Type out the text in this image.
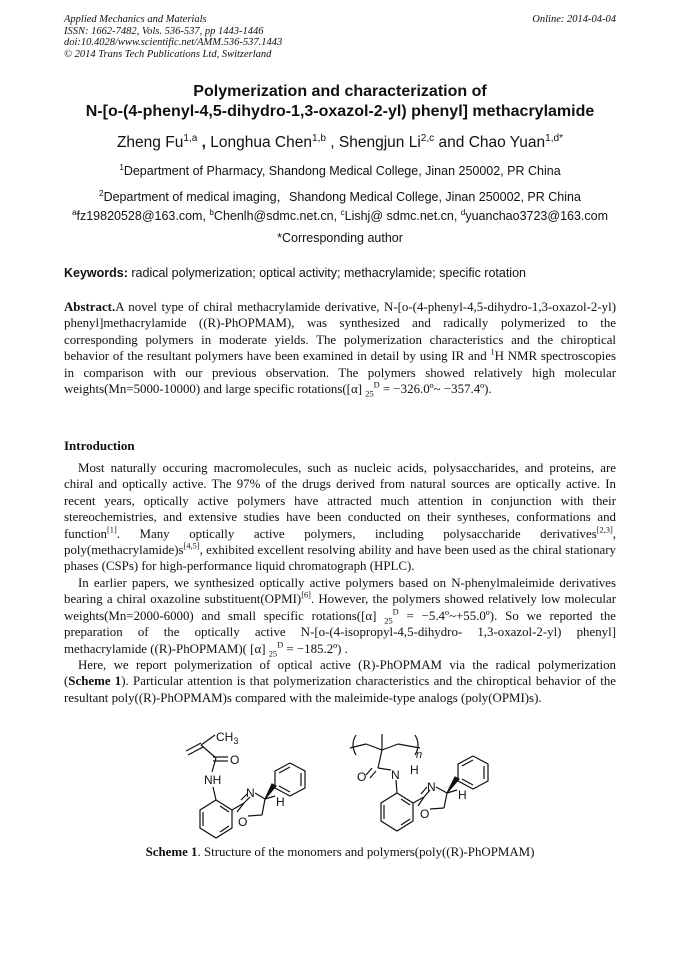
Applied Mechanics and Materials
ISSN: 1662-7482, Vols. 536-537, pp 1443-1446
doi:10.4028/www.scientific.net/AMM.536-537.1443
© 2014 Trans Tech Publications Ltd, Switzerland
Online: 2014-04-04
Polymerization and characterization of
N-[o-(4-phenyl-4,5-dihydro-1,3-oxazol-2-yl) phenyl] methacrylamide
Zheng Fu$^{1,a}$ , Longhua Chen$^{1,b}$ , Shengjun Li$^{2,c}$ and Chao Yuan$^{1,d*}$
$^1$Department of Pharmacy, Shandong Medical College, Jinan 250002, PR China
$^2$Department of medical imaging，Shandong Medical College, Jinan 250002, PR China
$^a$fz19820528@163.com, $^b$Chenlh@sdmc.net.cn, $^c$Lishj@ sdmc.net.cn, $^d$yuanchao3723@163.com
*Corresponding author
Keywords: radical polymerization; optical activity; methacrylamide; specific rotation
Abstract.A novel type of chiral methacrylamide derivative, N-[o-(4-phenyl-4,5-dihydro-1,3-oxazol-2-yl) phenyl]methacrylamide ((R)-PhOPMAM), was synthesized and radically polymerized to the corresponding polymers in moderate yields. The polymerization characteristics and the chiroptical behavior of the resultant polymers have been examined in detail by using IR and $^1$H NMR spectroscopies in comparison with our previous observation. The polymers showed relatively high molecular weights(Mn=5000-10000) and large specific rotations([α] $_{25}^D$ = −326.0º~ −357.4º).
Introduction
Most naturally occuring macromolecules, such as nucleic acids, polysaccharides, and proteins, are chiral and optically active. The 97% of the drugs derived from natural sources are optically active. In recent years, optically active polymers have attracted much attention in conjunction with their stereochemistries, and extensive studies have been conducted on their syntheses, conformations and function[1]. Many optically active polymers, including polysaccharide derivatives[2,3], poly(methacrylamide)s[4,5], exhibited excellent resolving ability and have been used as the chiral stationary phases (CSPs) for high-performance liquid chromatograph (HPLC).
In earlier papers, we synthesized optically active polymers based on N-phenylmaleimide derivatives bearing a chiral oxazoline substituent(OPMI)[6]. However, the polymers showed relatively low molecular weights(Mn=2000-6000) and small specific rotations([α] $_{25}^D$ = −5.4º~+55.0º). So we reported the preparation of the optically active N-[o-(4-isopropyl-4,5-dihydro- 1,3-oxazol-2-yl) phenyl] methacrylamide ((R)-PhOPMAM)( [α] $_{25}^D$ = −185.2º) .
Here, we report polymerization of optical active (R)-PhOPMAM via the radical polymerization (Scheme 1). Particular attention is that polymerization characteristics and the chiroptical behavior of the resultant poly((R)-PhOPMAM)s compared with the maleimide-type analogs (poly(OPMI)s).
$CH_3$
O
NH
N
O
H
n
O N H
N
O
H
Scheme 1. Structure of the monomers and polymers(poly((R)-PhOPMAM)
